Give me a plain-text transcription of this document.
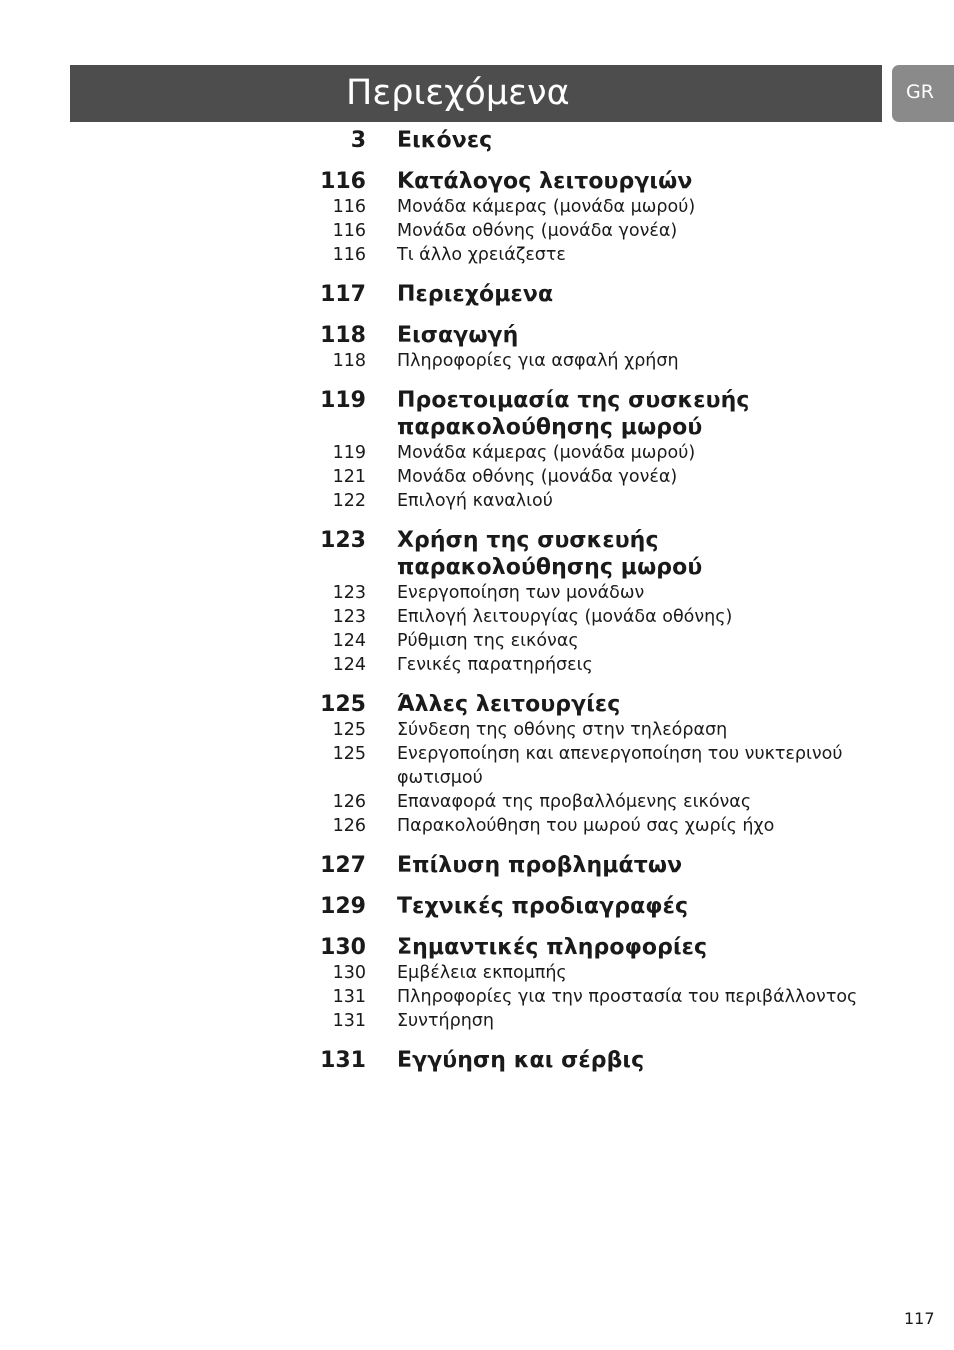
Περιεχόμενα	GR
3 Εικόνες
116 Κατάλογος λειτουργιών
116 Μονάδα κάμερας (μονάδα μωρού)
116 Μονάδα οθόνης (μονάδα γονέα)
116 Τι άλλο χρειάζεστε
117 Περιεχόμενα
118 Εισαγωγή
118 Πληροφορίες για ασφαλή χρήση
119 Προετοιμασία της συσκευής παρακολούθησης μωρού
119 Μονάδα κάμερας (μονάδα μωρού)
121 Μονάδα οθόνης (μονάδα γονέα)
122 Επιλογή καναλιού
123 Χρήση της συσκευής παρακολούθησης μωρού
123 Ενεργοποίηση των μονάδων
123 Επιλογή λειτουργίας (μονάδα οθόνης)
124 Ρύθμιση της εικόνας
124 Γενικές παρατηρήσεις
125 Άλλες λειτουργίες
125 Σύνδεση της οθόνης στην τηλεόραση
125 Ενεργοποίηση και απενεργοποίηση του νυκτερινού φωτισμού
126 Επαναφορά της προβαλλόμενης εικόνας
126 Παρακολούθηση του μωρού σας χωρίς ήχο
127 Επίλυση προβλημάτων
129 Τεχνικές προδιαγραφές
130 Σημαντικές πληροφορίες
130 Εμβέλεια εκπομπής
131 Πληροφορίες για την προστασία του περιβάλλοντος
131 Συντήρηση
131 Εγγύηση και σέρβις
117
